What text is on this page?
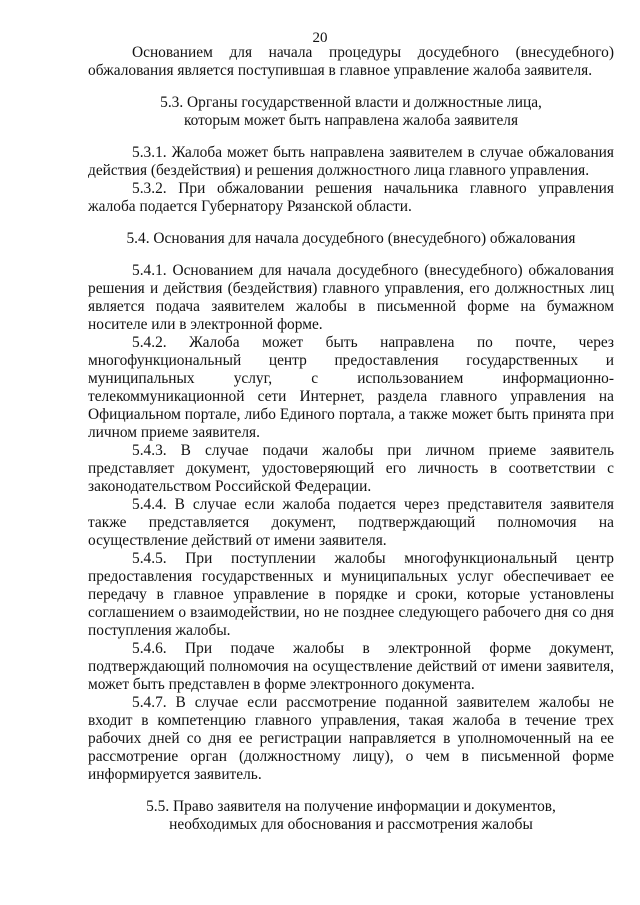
20

Основанием для начала процедуры досудебного (внесудебного) обжалования является поступившая в главное управление жалоба заявителя.

5.3. Органы государственной власти и должностные лица,
которым может быть направлена жалоба заявителя

5.3.1. Жалоба может быть направлена заявителем в случае обжалования действия (бездействия) и решения должностного лица главного управления.

5.3.2. При обжаловании решения начальника главного управления жалоба подается Губернатору Рязанской области.

5.4. Основания для начала досудебного (внесудебного) обжалования

5.4.1. Основанием для начала досудебного (внесудебного) обжалования решения и действия (бездействия) главного управления, его должностных лиц является подача заявителем жалобы в письменной форме на бумажном носителе или в электронной форме.

5.4.2. Жалоба может быть направлена по почте, через многофункциональный центр предоставления государственных и муниципальных услуг, с использованием информационно-телекоммуникационной сети Интернет, раздела главного управления на Официальном портале, либо Единого портала, а также может быть принята при личном приеме заявителя.

5.4.3. В случае подачи жалобы при личном приеме заявитель представляет документ, удостоверяющий его личность в соответствии с законодательством Российской Федерации.

5.4.4. В случае если жалоба подается через представителя заявителя также представляется документ, подтверждающий полномочия на осуществление действий от имени заявителя.

5.4.5. При поступлении жалобы многофункциональный центр предоставления государственных и муниципальных услуг обеспечивает ее передачу в главное управление в порядке и сроки, которые установлены соглашением о взаимодействии, но не позднее следующего рабочего дня со дня поступления жалобы.

5.4.6. При подаче жалобы в электронной форме документ, подтверждающий полномочия на осуществление действий от имени заявителя, может быть представлен в форме электронного документа.

5.4.7. В случае если рассмотрение поданной заявителем жалобы не входит в компетенцию главного управления, такая жалоба в течение трех рабочих дней со дня ее регистрации направляется в уполномоченный на ее рассмотрение орган (должностному лицу), о чем в письменной форме информируется заявитель.

5.5. Право заявителя на получение информации и документов,
необходимых для обоснования и рассмотрения жалобы
